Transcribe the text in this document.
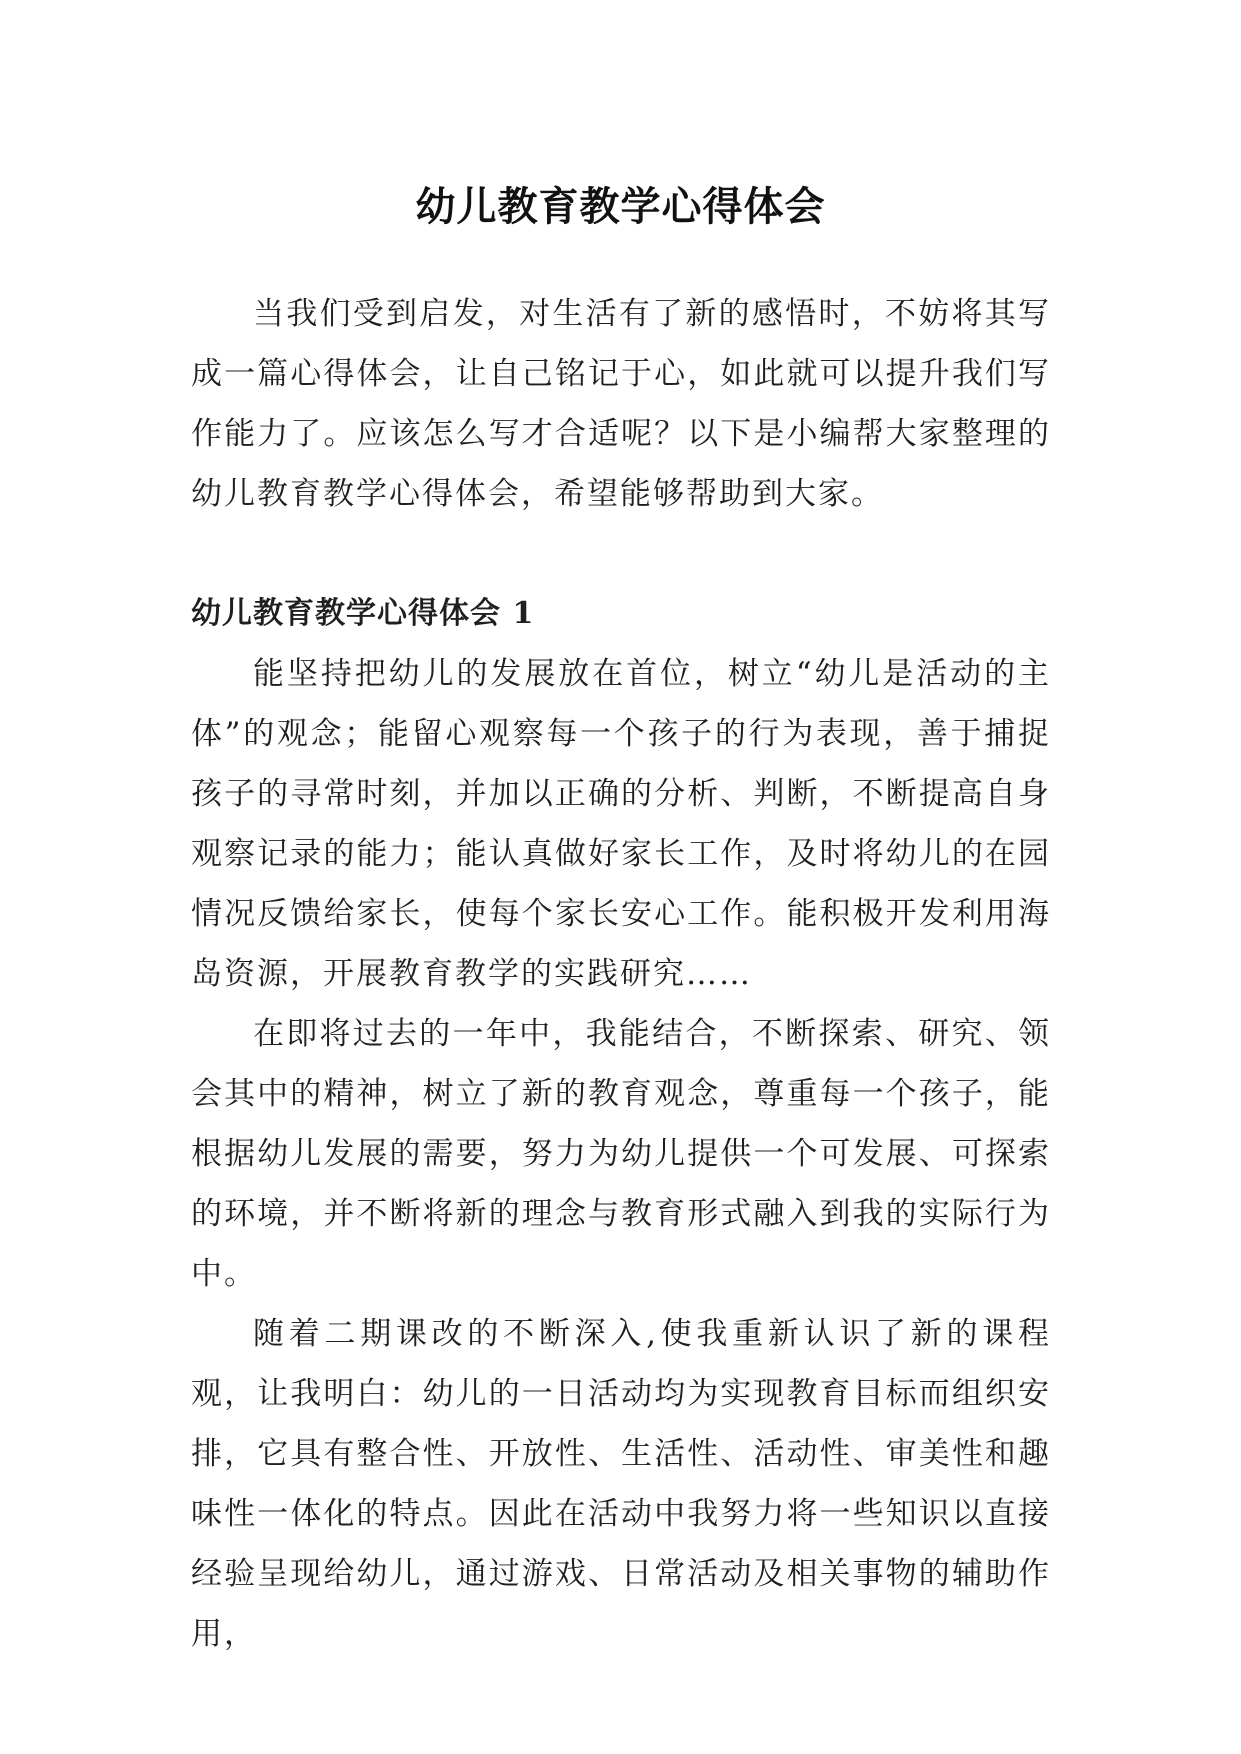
幼儿教育教学心得体会

当我们受到启发，对生活有了新的感悟时，不妨将其写成一篇心得体会，让自己铭记于心，如此就可以提升我们写作能力了。应该怎么写才合适呢？以下是小编帮大家整理的幼儿教育教学心得体会，希望能够帮助到大家。

幼儿教育教学心得体会 1

能坚持把幼儿的发展放在首位，树立“幼儿是活动的主体”的观念；能留心观察每一个孩子的行为表现，善于捕捉孩子的寻常时刻，并加以正确的分析、判断，不断提高自身观察记录的能力；能认真做好家长工作，及时将幼儿的在园情况反馈给家长，使每个家长安心工作。能积极开发利用海岛资源，开展教育教学的实践研究……

在即将过去的一年中，我能结合，不断探索、研究、领会其中的精神，树立了新的教育观念，尊重每一个孩子，能根据幼儿发展的需要，努力为幼儿提供一个可发展、可探索的环境，并不断将新的理念与教育形式融入到我的实际行为中。

随着二期课改的不断深入,使我重新认识了新的课程观，让我明白：幼儿的一日活动均为实现教育目标而组织安排，它具有整合性、开放性、生活性、活动性、审美性和趣味性一体化的特点。因此在活动中我努力将一些知识以直接经验呈现给幼儿，通过游戏、日常活动及相关事物的辅助作用，
